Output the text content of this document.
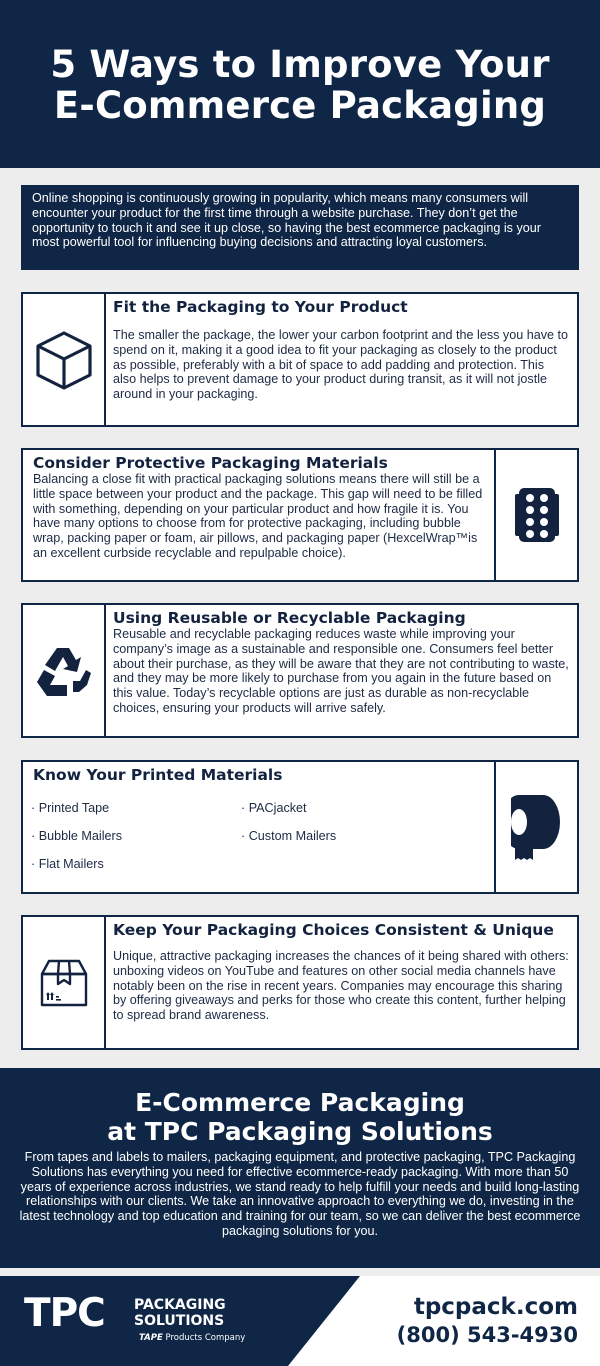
5 Ways to Improve Your
E-Commerce Packaging
Online shopping is continuously growing in popularity, which means many consumers will encounter your product for the first time through a website purchase. They don’t get the opportunity to touch it and see it up close, so having the best ecommerce packaging is your most powerful tool for influencing buying decisions and attracting loyal customers.
Fit the Packaging to Your Product

The smaller the package, the lower your carbon footprint and the less you have to spend on it, making it a good idea to fit your packaging as closely to the product as possible, preferably with a bit of space to add padding and protection. This also helps to prevent damage to your product during transit, as it will not jostle around in your packaging.

Consider Protective Packaging Materials

Balancing a close fit with practical packaging solutions means there will still be a little space between your product and the package. This gap will need to be filled with something, depending on your particular product and how fragile it is. You have many options to choose from for protective packaging, including bubble wrap, packing paper or foam, air pillows, and packaging paper (HexcelWrap™is an excellent curbside recyclable and repulpable choice).

Using Reusable or Recyclable Packaging

Reusable and recyclable packaging reduces waste while improving your company’s image as a sustainable and responsible one. Consumers feel better about their purchase, as they will be aware that they are not contributing to waste, and they may be more likely to purchase from you again in the future based on this value. Today’s recyclable options are just as durable as non-recyclable choices, ensuring your products will arrive safely.

Know Your Printed Materials
· Printed Tape	· PACjacket
· Bubble Mailers	· Custom Mailers
· Flat Mailers
Keep Your Packaging Choices Consistent & Unique

Unique, attractive packaging increases the chances of it being shared with others: unboxing videos on YouTube and features on other social media channels have notably been on the rise in recent years. Companies may encourage this sharing by offering giveaways and perks for those who create this content, further helping to spread brand awareness.

E-Commerce Packaging
at TPC Packaging Solutions

From tapes and labels to mailers, packaging equipment, and protective packaging, TPC Packaging Solutions has everything you need for effective ecommerce-ready packaging. With more than 50 years of experience across industries, we stand ready to help fulfill your needs and build long-lasting relationships with our clients. We take an innovative approach to everything we do, investing in the latest technology and top education and training for our team, so we can deliver the best ecommerce packaging solutions for you.

TPC PACKAGING
SOLUTIONS
TAPE Products Company
tpcpack.com
(800) 543-4930
